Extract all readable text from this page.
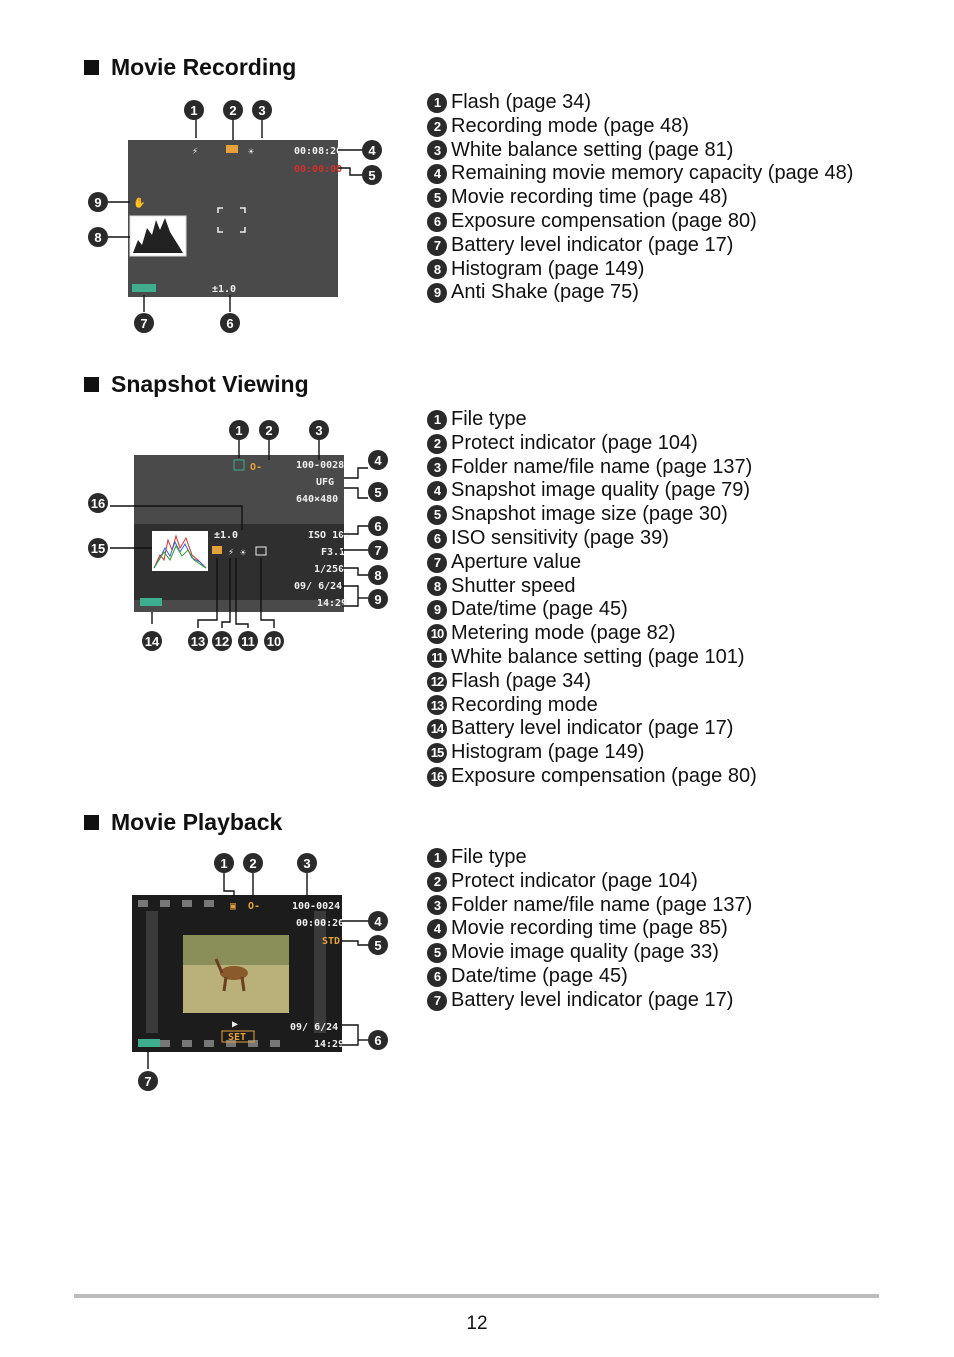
Movie Recording
⚡	☀	00:08:20
00:00:00
✋
±1.0
1 2 3
4
5
6
7
8
9
1 Flash (page 34)
2 Recording mode (page 48)
3 White balance setting (page 81)
4 Remaining movie memory capacity (page 48)
5 Movie recording time (page 48)
6 Exposure compensation (page 80)
7 Battery level indicator (page 17)
8 Histogram (page 149)
9 Anti Shake (page 75)
Snapshot Viewing
O-	100-0028
UFG
640×480
±1.0	ISO 100
F3.1
1/250
09/ 6/24
14:29
⚡ ☀
1 2	3
4
5
6
7
8
9
10
11
12
13
14
15
16
1 File type
2 Protect indicator (page 104)
3 Folder name/file name (page 137)
4 Snapshot image quality (page 79)
5 Snapshot image size (page 30)
6 ISO sensitivity (page 39)
7 Aperture value
8 Shutter speed
9 Date/time (page 45)
10 Metering mode (page 82)
11 White balance setting (page 101)
12 Flash (page 34)
13 Recording mode
14 Battery level indicator (page 17)
15 Histogram (page 149)
16 Exposure compensation (page 80)
Movie Playback
▣ O-	100-0024
00:00:20
STD
▶
SET
09/ 6/24
14:29
1 2	3
4
5
6
7
1 File type
2 Protect indicator (page 104)
3 Folder name/file name (page 137)
4 Movie recording time (page 85)
5 Movie image quality (page 33)
6 Date/time (page 45)
7 Battery level indicator (page 17)
12
